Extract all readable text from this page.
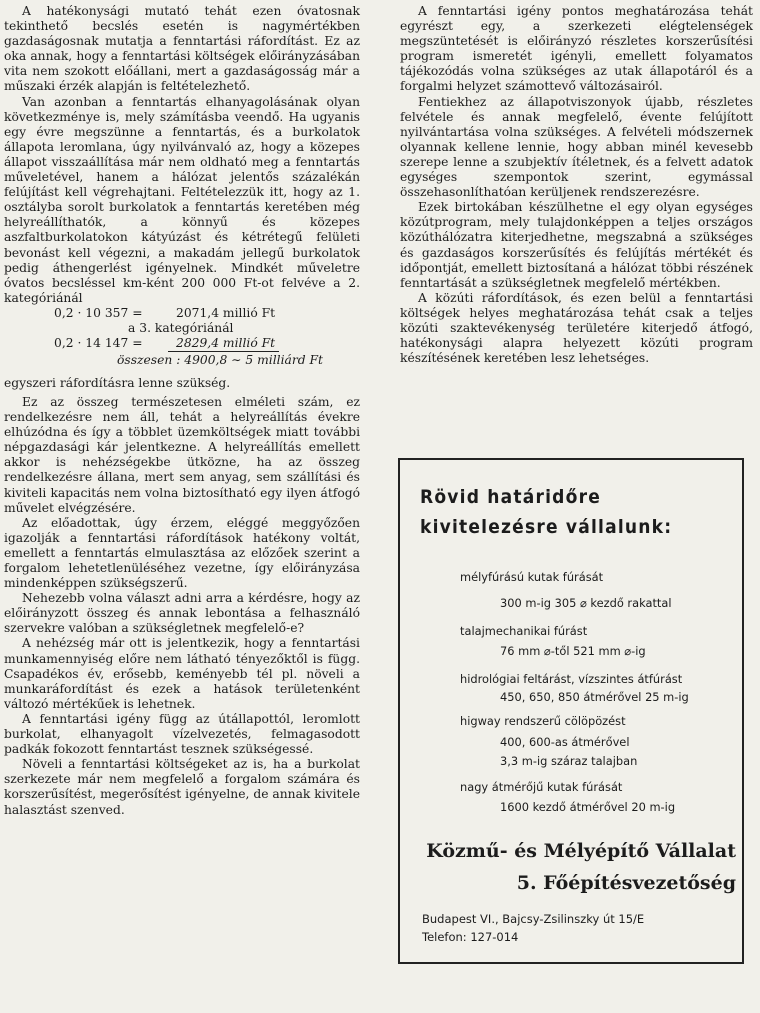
A hatékonysági mutató tehát ezen óvatosnak tekinthető becslés esetén is nagymértékben gazdaságosnak mutatja a fenntartási ráfordítást. Ez az oka annak, hogy a fenntartási költségek előirányzásában vita nem szokott előállani, mert a gazdaságosság már a műszaki érzék alapján is feltételezhető.

Van azonban a fenntartás elhanyagolásának olyan következménye is, mely számításba veendő. Ha ugyanis egy évre megszünne a fenntartás, és a burkolatok állapota leromlana, úgy nyilvánvaló az, hogy a közepes állapot visszaállítása már nem oldható meg a fenntartás műveletével, hanem a hálózat jelentős százalékán felújítást kell végrehajtani. Feltételezzük itt, hogy az 1. osztályba sorolt burkolatok a fenntartás keretében még helyreállíthatók, a könnyű és közepes aszfaltburkolatokon kátyúzást és kétrétegű felületi bevonást kell végezni, a makadám jellegű burkolatok pedig áthengerlést igényelnek. Mindkét műveletre óvatos becsléssel km-ként 200 000 Ft-ot felvéve a 2. kategóriánál

0,2 · 10 357 =	2071,4 millió Ft
a 3. kategóriánál
0,2 · 14 147 =	2829,4 millió Ft
összesen : 4900,8 ∼ 5 milliárd Ft

egyszeri ráfordításra lenne szükség.

Ez az összeg természetesen elméleti szám, ez rendelkezésre nem áll, tehát a helyreállítás évekre elhúzódna és így a többlet üzemköltségek miatt további népgazdasági kár jelentkezne. A helyreállítás emellett akkor is nehézségekbe ütközne, ha az összeg rendelkezésre állana, mert sem anyag, sem szállítási és kiviteli kapacitás nem volna biztosítható egy ilyen átfogó művelet elvégzésére.

Az előadottak, úgy érzem, eléggé meggyőzően igazolják a fenntartási ráfordítások hatékony voltát, emellett a fenntartás elmulasztása az előzőek szerint a forgalom lehetetlenüléséhez vezetne, így előirányzása mindenképpen szükségszerű.

Nehezebb volna választ adni arra a kérdésre, hogy az előirányzott összeg és annak lebontása a felhasználó szervekre valóban a szükségletnek megfelelő-e?

A nehézség már ott is jelentkezik, hogy a fenntartási munkamennyiség előre nem látható tényezőktől is függ. Csapadékos év, erősebb, keményebb tél pl. növeli a munkaráfordítást és ezek a hatások területenként változó mértékűek is lehetnek.

A fenntartási igény függ az útállapottól, leromlott burkolat, elhanyagolt vízelvezetés, felmagasodott padkák fokozott fenntartást tesznek szükségessé.

Növeli a fenntartási költségeket az is, ha a burkolat szerkezete már nem megfelelő a forgalom számára és korszerűsítést, megerősítést igényelne, de annak kivitele halasztást szenved.

A fenntartási igény pontos meghatározása tehát egyrészt egy, a szerkezeti elégtelenségek megszüntetését is előirányzó részletes korszerűsítési program ismeretét igényli, emellett folyamatos tájékozódás volna szükséges az utak állapotáról és a forgalmi helyzet számottevő változásairól.

Fentiekhez az állapotviszonyok újabb, részletes felvétele és annak megfelelő, évente felújított nyilvántartása volna szükséges. A felvételi módszernek olyannak kellene lennie, hogy abban minél kevesebb szerepe lenne a szubjektív ítéletnek, és a felvett adatok egységes szempontok szerint, egymással összehasonlíthatóan kerüljenek rendszerezésre.

Ezek birtokában készülhetne el egy olyan egységes közútprogram, mely tulajdonképpen a teljes országos közúthálózatra kiterjedhetne, megszabná a szükséges és gazdaságos korszerűsítés és felújítás mértékét és időpontját, emellett biztosítaná a hálózat többi részének fenntartását a szükségletnek megfelelő mértékben.

A közúti ráfordítások, és ezen belül a fenntartási költségek helyes meghatározása tehát csak a teljes közúti szaktevékenység területére kiterjedő átfogó, hatékonysági alapra helyezett közúti program készítésének keretében lesz lehetséges.

Rövid határidőre
kivitelezésre vállalunk:
mélyfúrású kutak fúrását
300 m-ig 305 ⌀ kezdő rakattal
talajmechanikai fúrást
76 mm ⌀-től 521 mm ⌀-ig
hidrológiai feltárást, vízszintes átfúrást
450, 650, 850 átmérővel 25 m-ig
higway rendszerű cölöpözést
400, 600-as átmérővel
3,3 m-ig száraz talajban
nagy átmérőjű kutak fúrását
1600 kezdő átmérővel 20 m-ig
Közmű- és Mélyépítő Vállalat
5. Főépítésvezetőség
Budapest VI., Bajcsy-Zsilinszky út 15/E
Telefon: 127-014
